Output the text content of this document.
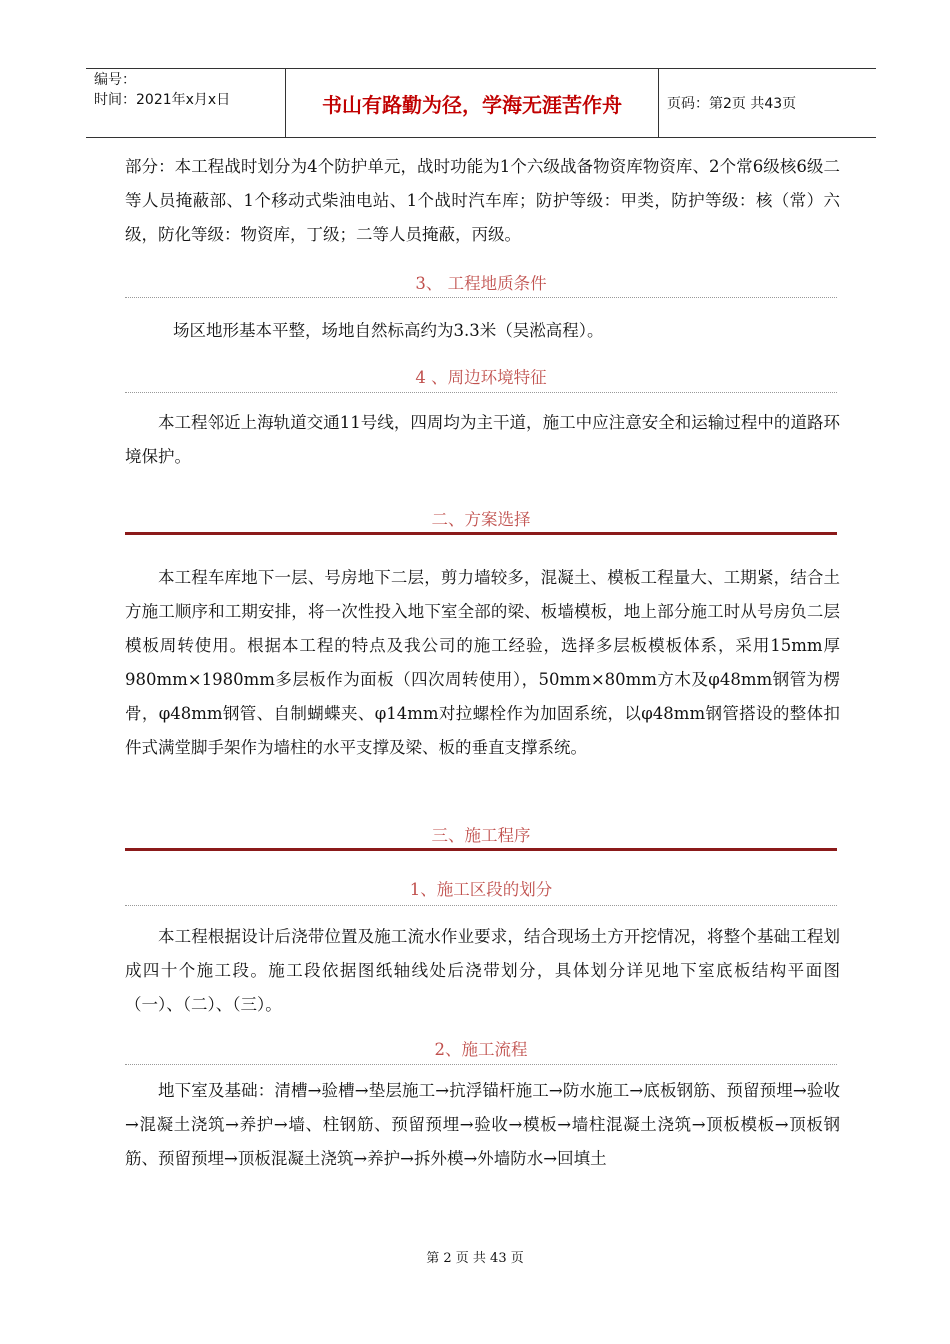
编号：
时间：2021年x月x日	书山有路勤为径，学海无涯苦作舟	页码：第2页 共43页

部分：本工程战时划分为4个防护单元，战时功能为1个六级战备物资库物资库、2个常6级核6级二等人员掩蔽部、1个移动式柴油电站、1个战时汽车库；防护等级：甲类，防护等级：核（常）六级，防化等级：物资库，丁级；二等人员掩蔽，丙级。

3、 工程地质条件

场区地形基本平整，场地自然标高约为3.3米（吴淞高程）。

4 、周边环境特征

本工程邻近上海轨道交通11号线，四周均为主干道，施工中应注意安全和运输过程中的道路环境保护。

二、方案选择

本工程车库地下一层、号房地下二层，剪力墙较多，混凝土、模板工程量大、工期紧，结合土方施工顺序和工期安排，将一次性投入地下室全部的梁、板墙模板，地上部分施工时从号房负二层模板周转使用。根据本工程的特点及我公司的施工经验，选择多层板模板体系，采用15mm厚980mm×1980mm多层板作为面板（四次周转使用），50mm×80mm方木及φ48mm钢管为楞骨，φ48mm钢管、自制蝴蝶夹、φ14mm对拉螺栓作为加固系统，以φ48mm钢管搭设的整体扣件式满堂脚手架作为墙柱的水平支撑及梁、板的垂直支撑系统。

三、施工程序
1、施工区段的划分

本工程根据设计后浇带位置及施工流水作业要求，结合现场土方开挖情况，将整个基础工程划成四十个施工段。施工段依据图纸轴线处后浇带划分，具体划分详见地下室底板结构平面图（一）、（二）、（三）。

2、施工流程

地下室及基础：清槽→验槽→垫层施工→抗浮锚杆施工→防水施工→底板钢筋、预留预埋→验收→混凝土浇筑→养护→墙、柱钢筋、预留预埋→验收→模板→墙柱混凝土浇筑→顶板模板→顶板钢筋、预留预埋→顶板混凝土浇筑→养护→拆外模→外墙防水→回填土

第 2 页 共 43 页
